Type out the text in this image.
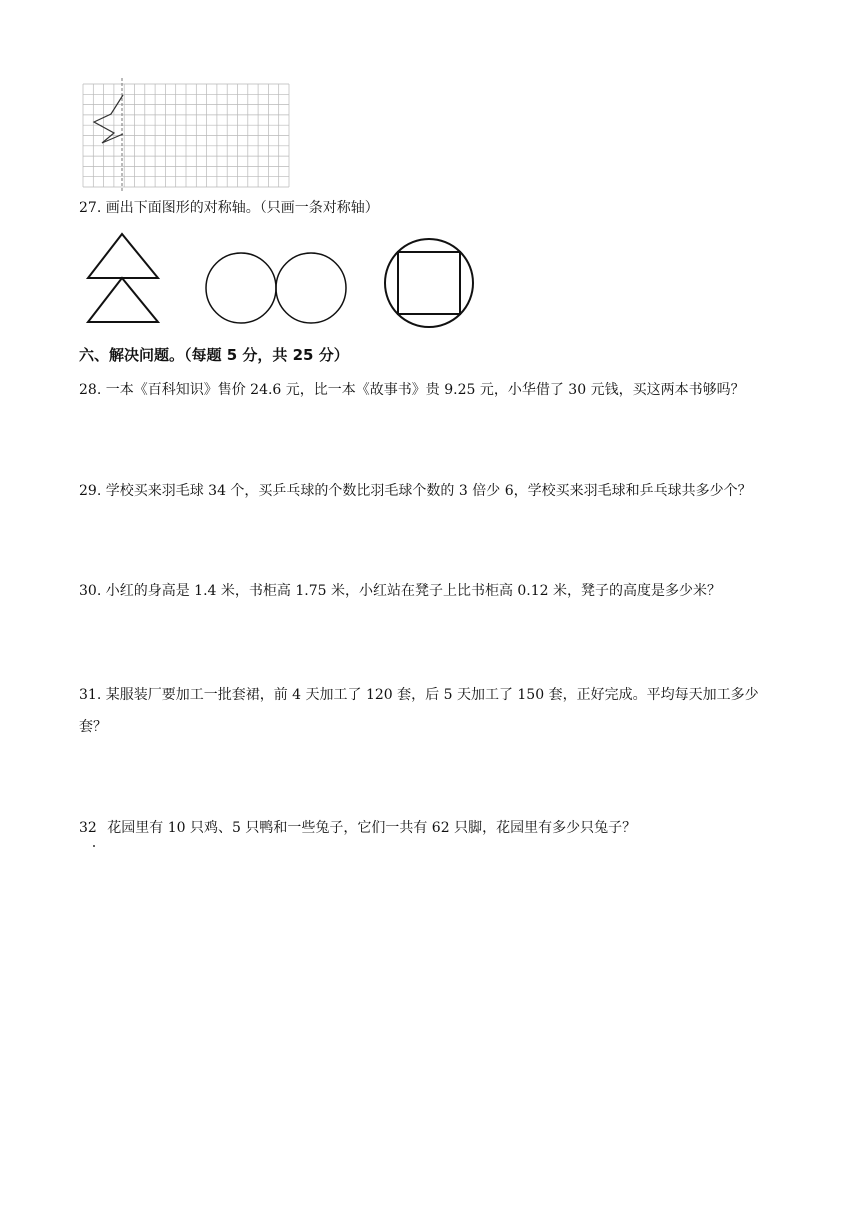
27. 画出下面图形的对称轴。（只画一条对称轴）
六、解决问题。（每题 5 分，共 25 分）
28. 一本《百科知识》售价 24.6 元，比一本《故事书》贵 9.25 元，小华借了 30 元钱，买这两本书够吗？
29. 学校买来羽毛球 34 个，买乒乓球的个数比羽毛球个数的 3 倍少 6，学校买来羽毛球和乒乓球共多少个？
30. 小红的身高是 1.4 米，书柜高 1.75 米，小红站在凳子上比书柜高 0.12 米，凳子的高度是多少米？
31. 某服装厂要加工一批套裙，前 4 天加工了 120 套，后 5 天加工了 150 套，正好完成。平均每天加工多少
套？
32 花园里有 10 只鸡、5 只鸭和一些兔子，它们一共有 62 只脚，花园里有多少只兔子？
